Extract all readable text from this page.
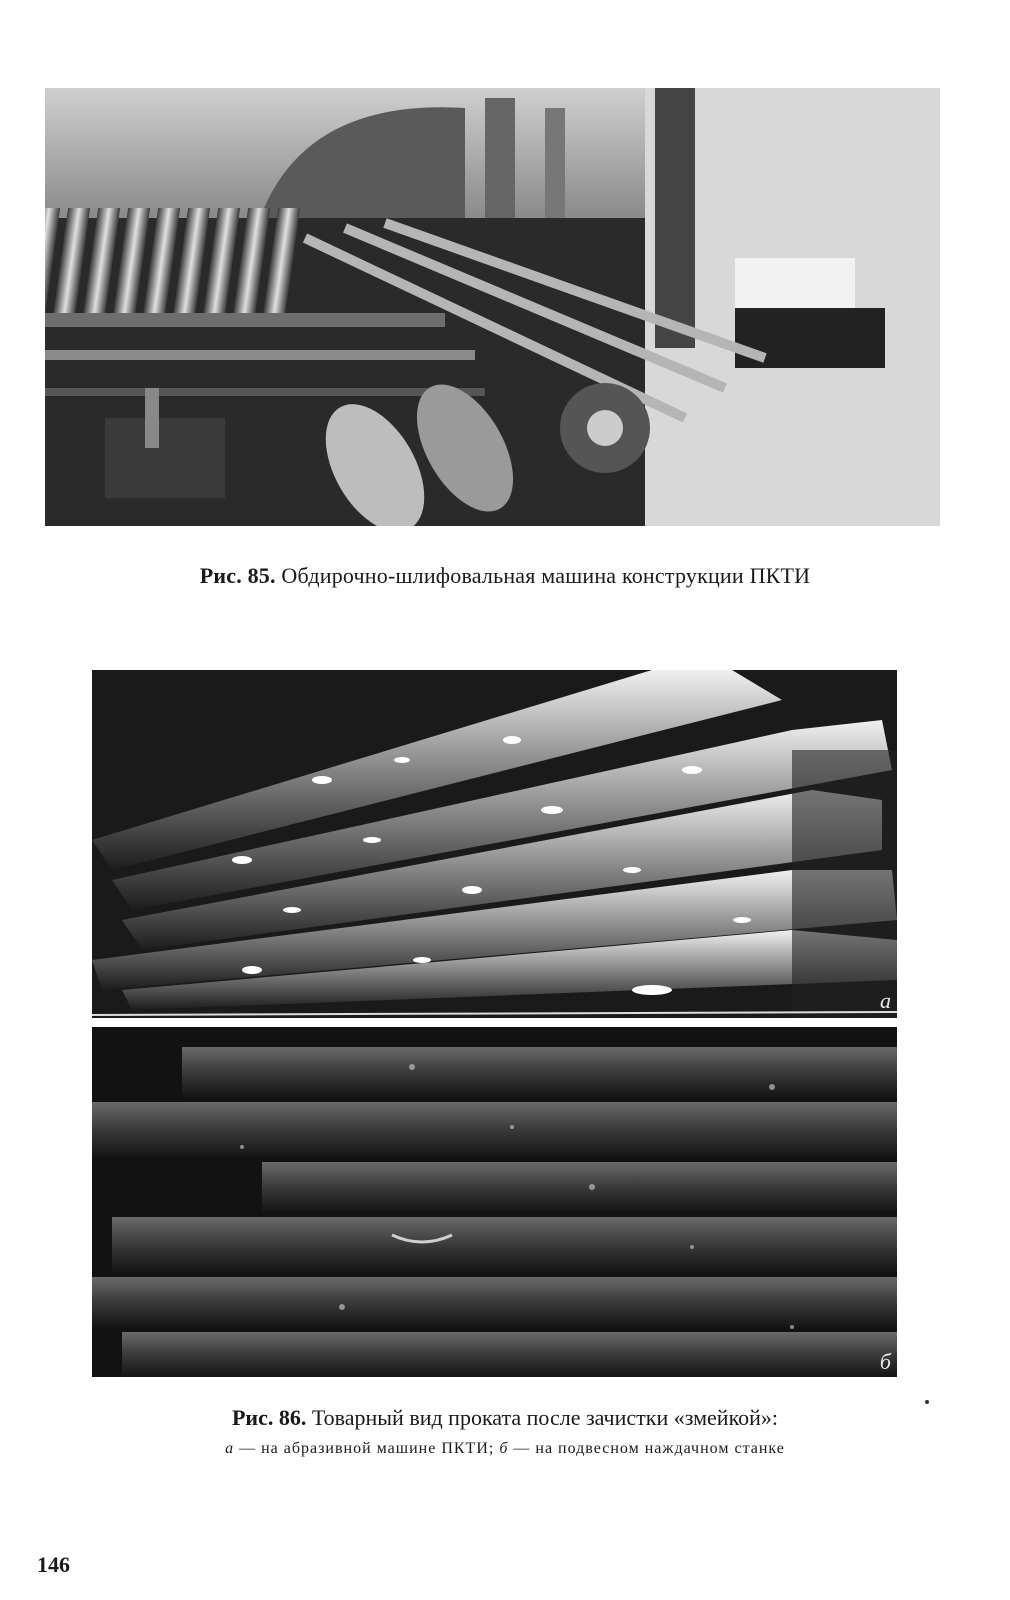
Рис. 85. Обдирочно-шлифовальная машина конструкции ПКТИ
а
б
Рис. 86. Товарный вид проката после зачистки «змейкой»:
а — на абразивной машине ПКТИ; б — на подвесном наждачном станке
146
